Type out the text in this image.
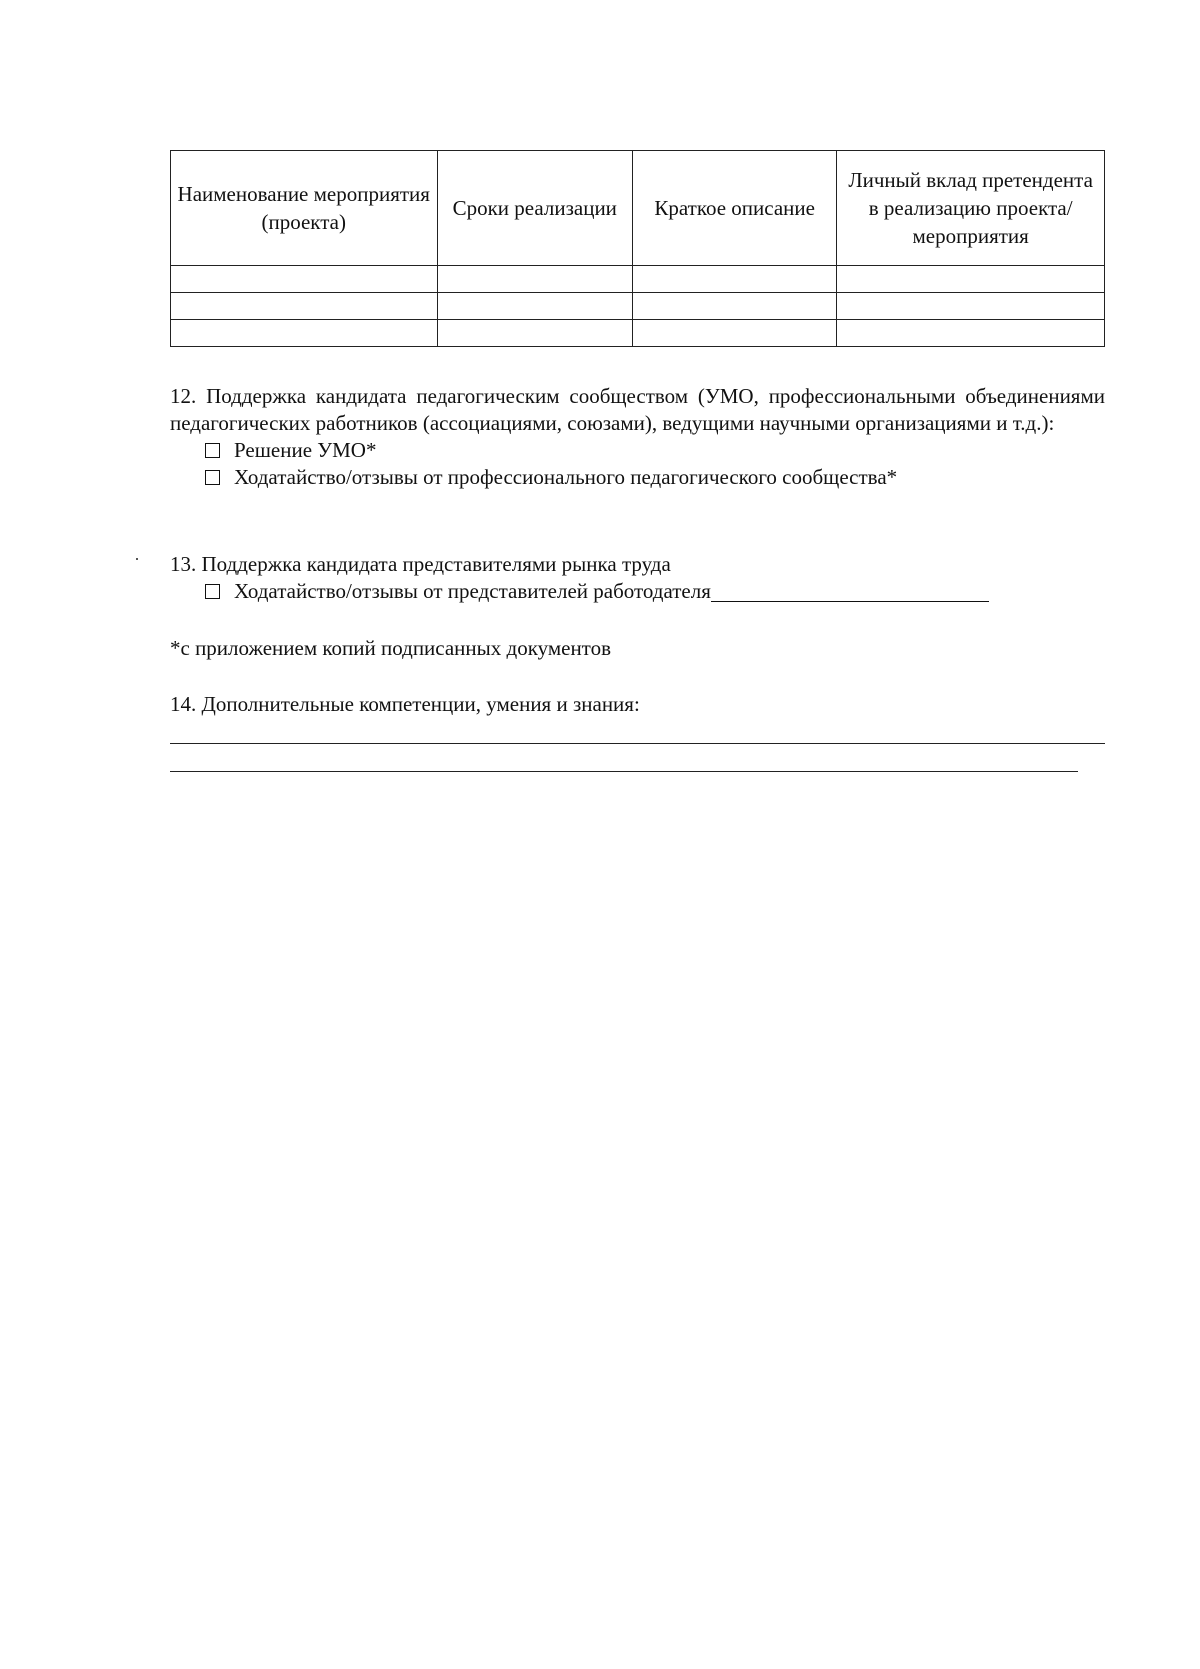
Наименование мероприятия (проекта)	Сроки реализации	Краткое описание	Личный вклад претендента в реализацию проекта/мероприятия

12. Поддержка кандидата педагогическим сообществом (УМО, профессиональными объединениями педагогических работников (ассоциациями, союзами), ведущими научными организациями и т.д.):
Решение УМО*
Ходатайство/отзывы от профессионального педагогического сообщества*
13. Поддержка кандидата представителями рынка труда
Ходатайство/отзывы от представителей работодателя
*с приложением копий подписанных документов
14. Дополнительные компетенции, умения и знания:
